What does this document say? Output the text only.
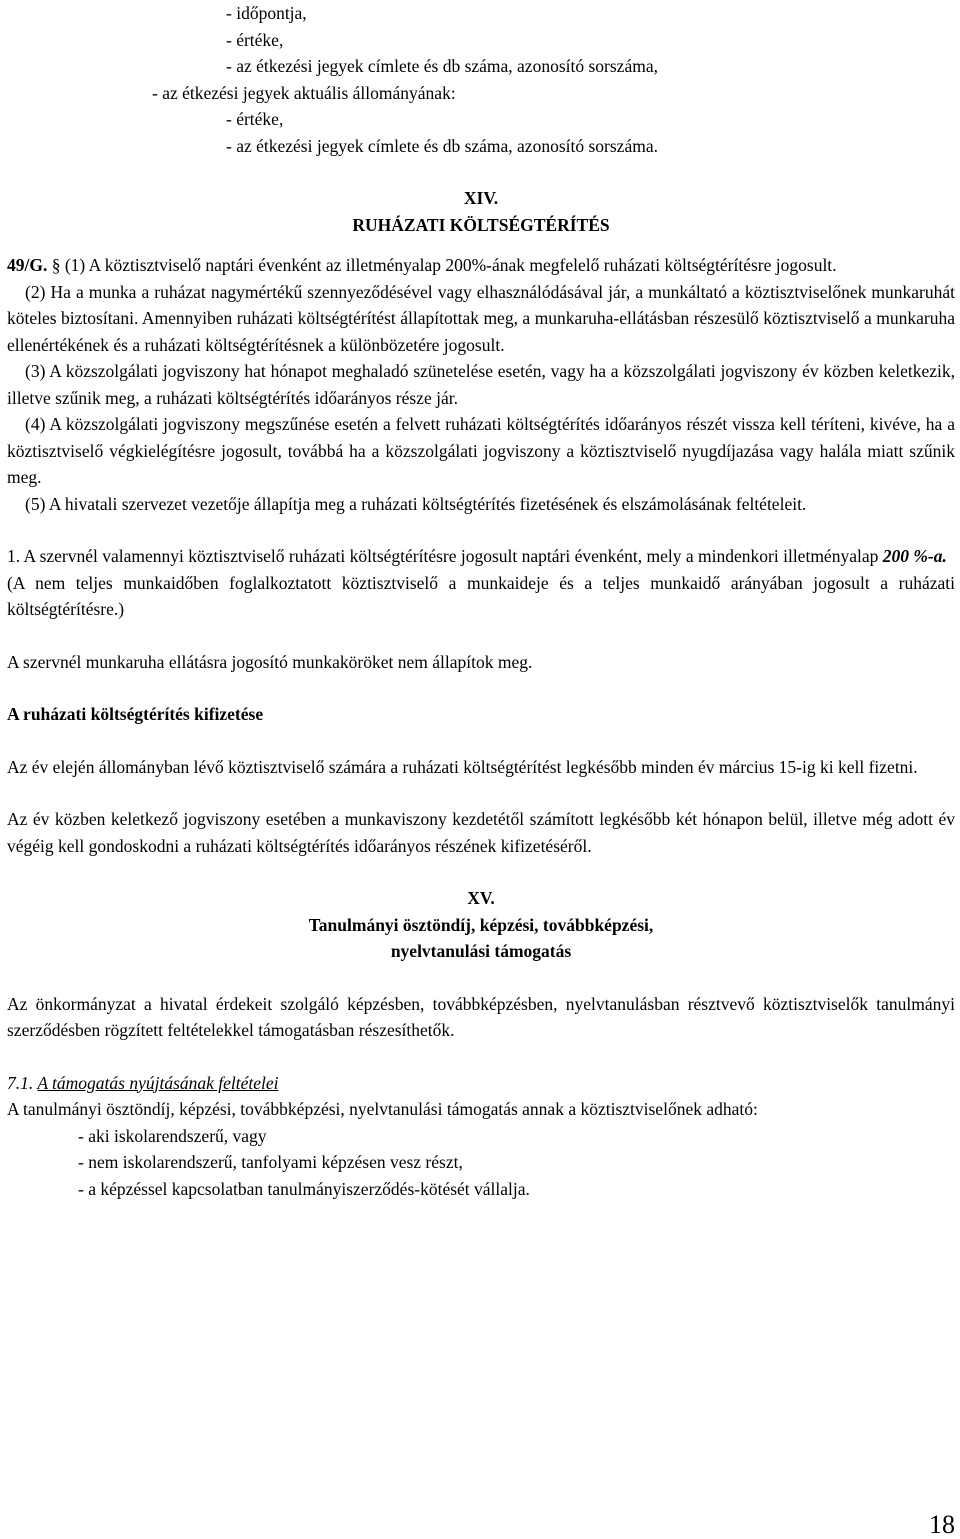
- időpontja,

- értéke,

- az étkezési jegyek címlete és db száma, azonosító sorszáma,

- az étkezési jegyek aktuális állományának:

- értéke,

- az étkezési jegyek címlete és db száma, azonosító sorszáma.

XIV.

RUHÁZATI KÖLTSÉGTÉRÍTÉS

49/G. § (1) A köztisztviselő naptári évenként az illetményalap 200%-ának megfelelő ruházati költségtérítésre jogosult.

(2) Ha a munka a ruházat nagymértékű szennyeződésével vagy elhasználódásával jár, a munkáltató a köztisztviselőnek munkaruhát köteles biztosítani. Amennyiben ruházati költségtérítést állapítottak meg, a munkaruha-ellátásban részesülő köztisztviselő a munkaruha ellenértékének és a ruházati költségtérítésnek a különbözetére jogosult.

(3) A közszolgálati jogviszony hat hónapot meghaladó szünetelése esetén, vagy ha a közszolgálati jogviszony év közben keletkezik, illetve szűnik meg, a ruházati költségtérítés időarányos része jár.

(4) A közszolgálati jogviszony megszűnése esetén a felvett ruházati költségtérítés időarányos részét vissza kell téríteni, kivéve, ha a köztisztviselő végkielégítésre jogosult, továbbá ha a közszolgálati jogviszony a köztisztviselő nyugdíjazása vagy halála miatt szűnik meg.

(5) A hivatali szervezet vezetője állapítja meg a ruházati költségtérítés fizetésének és elszámolásának feltételeit.

1. A szervnél valamennyi köztisztviselő ruházati költségtérítésre jogosult naptári évenként, mely a mindenkori illetményalap 200 %-a.

(A nem teljes munkaidőben foglalkoztatott köztisztviselő a munkaideje és a teljes munkaidő arányában jogosult a ruházati költségtérítésre.)

A szervnél munkaruha ellátásra jogosító munkaköröket nem állapítok meg.

A ruházati költségtérítés kifizetése

Az év elején állományban lévő köztisztviselő számára a ruházati költségtérítést legkésőbb minden év március 15-ig ki kell fizetni.

Az év közben keletkező jogviszony esetében a munkaviszony kezdetétől számított legkésőbb két hónapon belül, illetve még adott év végéig kell gondoskodni a ruházati költségtérítés időarányos részének kifizetéséről.

XV.

Tanulmányi ösztöndíj, képzési, továbbképzési,

nyelvtanulási támogatás

Az önkormányzat a hivatal érdekeit szolgáló képzésben, továbbképzésben, nyelvtanulásban résztvevő köztisztviselők tanulmányi szerződésben rögzített feltételekkel támogatásban részesíthetők.

7.1. A támogatás nyújtásának feltételei

A tanulmányi ösztöndíj, képzési, továbbképzési, nyelvtanulási támogatás annak a köztisztviselőnek adható:

- aki iskolarendszerű, vagy

- nem iskolarendszerű, tanfolyami képzésen vesz részt,

- a képzéssel kapcsolatban tanulmányiszerződés-kötését vállalja.

18
